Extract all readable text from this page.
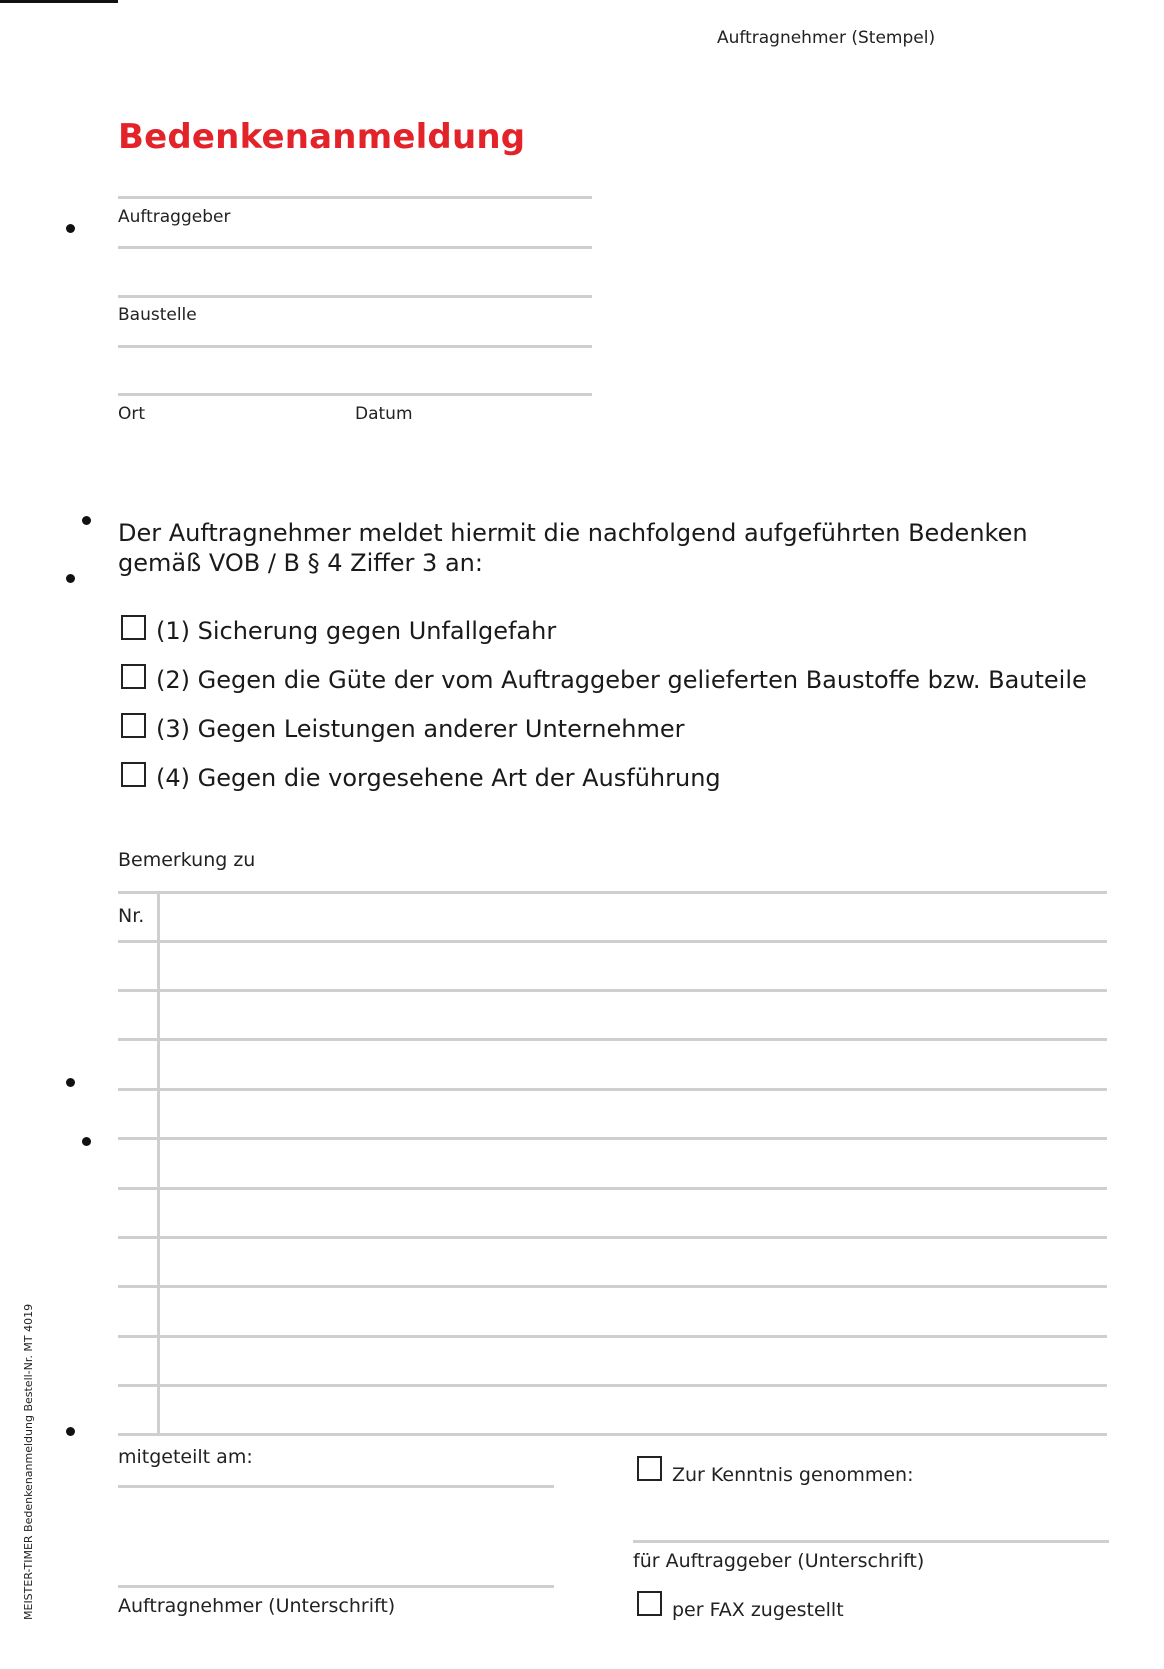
Auftragnehmer (Stempel)
Bedenkenanmeldung
Auftraggeber
Baustelle
Ort	Datum
Der Auftragnehmer meldet hiermit die nachfolgend aufgeführten Bedenken gemäß VOB / B § 4 Ziffer 3 an:
(1) Sicherung gegen Unfallgefahr
(2) Gegen die Güte der vom Auftraggeber gelieferten Baustoffe bzw. Bauteile
(3) Gegen Leistungen anderer Unternehmer
(4) Gegen die vorgesehene Art der Ausführung
Bemerkung zu
Nr.
mitgeteilt am:
Auftragnehmer (Unterschrift)
Zur Kenntnis genommen:
für Auftraggeber (Unterschrift)
per FAX zugestellt
MEISTER-TIMER Bedenkenanmeldung Bestell-Nr. MT 4019
